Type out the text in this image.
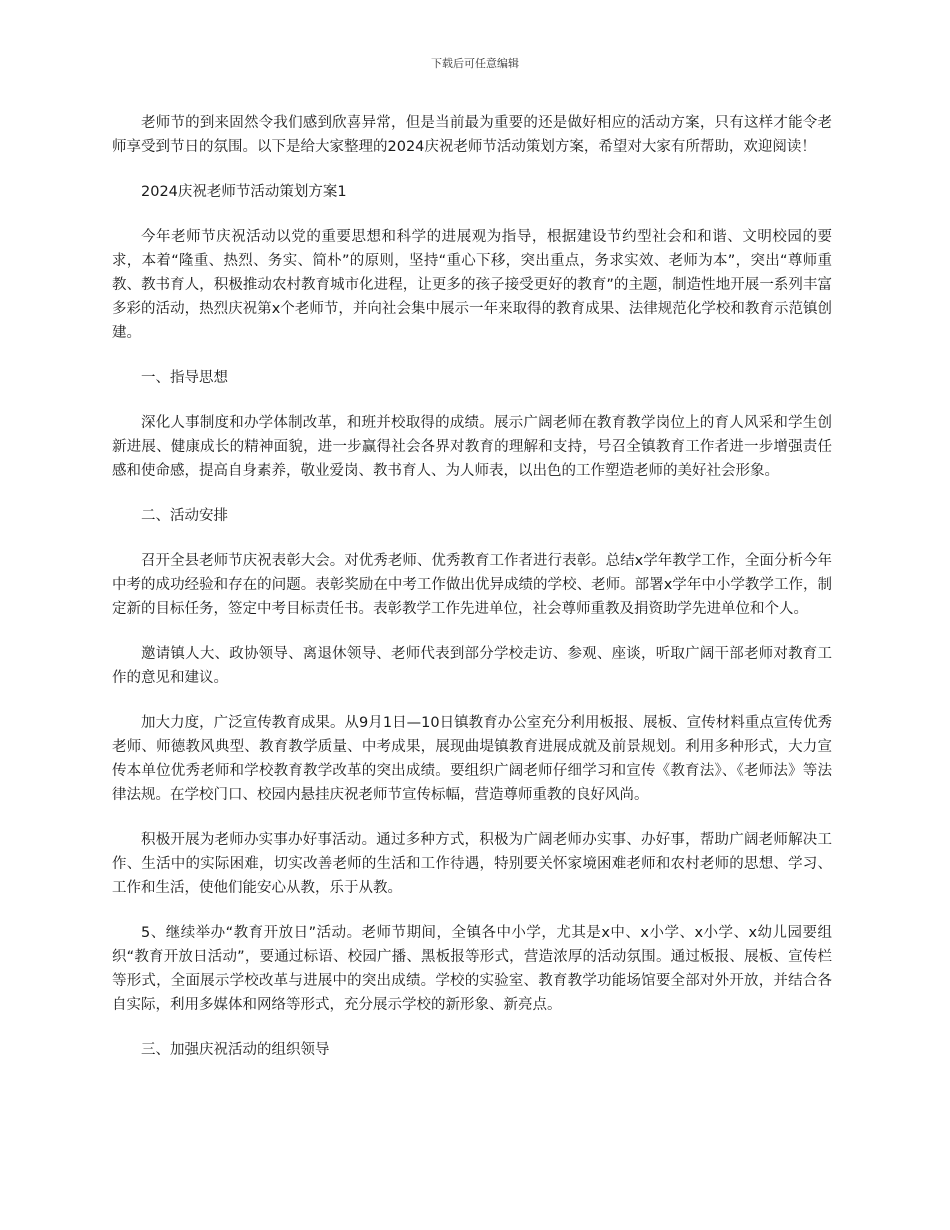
下载后可任意编辑

老师节的到来固然令我们感到欣喜异常，但是当前最为重要的还是做好相应的活动方案，只有这样才能令老师享受到节日的氛围。以下是给大家整理的2024庆祝老师节活动策划方案，希望对大家有所帮助，欢迎阅读！

2024庆祝老师节活动策划方案1

今年老师节庆祝活动以党的重要思想和科学的进展观为指导，根据建设节约型社会和和谐、文明校园的要求，本着“隆重、热烈、务实、简朴”的原则，坚持“重心下移，突出重点，务求实效、老师为本”，突出“尊师重教、教书育人，积极推动农村教育城市化进程，让更多的孩子接受更好的教育”的主题，制造性地开展一系列丰富多彩的活动，热烈庆祝第x个老师节，并向社会集中展示一年来取得的教育成果、法律规范化学校和教育示范镇创建。

一、指导思想

深化人事制度和办学体制改革，和班并校取得的成绩。展示广阔老师在教育教学岗位上的育人风采和学生创新进展、健康成长的精神面貌，进一步赢得社会各界对教育的理解和支持，号召全镇教育工作者进一步增强责任感和使命感，提高自身素养，敬业爱岗、教书育人、为人师表，以出色的工作塑造老师的美好社会形象。

二、活动安排

召开全县老师节庆祝表彰大会。对优秀老师、优秀教育工作者进行表彰。总结x学年教学工作，全面分析今年中考的成功经验和存在的问题。表彰奖励在中考工作做出优异成绩的学校、老师。部署x学年中小学教学工作，制定新的目标任务，签定中考目标责任书。表彰教学工作先进单位，社会尊师重教及捐资助学先进单位和个人。

邀请镇人大、政协领导、离退休领导、老师代表到部分学校走访、参观、座谈，听取广阔干部老师对教育工作的意见和建议。

加大力度，广泛宣传教育成果。从9月1日—10日镇教育办公室充分利用板报、展板、宣传材料重点宣传优秀老师、师德教风典型、教育教学质量、中考成果，展现曲堤镇教育进展成就及前景规划。利用多种形式，大力宣传本单位优秀老师和学校教育教学改革的突出成绩。要组织广阔老师仔细学习和宣传《教育法》、《老师法》等法律法规。在学校门口、校园内悬挂庆祝老师节宣传标幅，营造尊师重教的良好风尚。

积极开展为老师办实事办好事活动。通过多种方式，积极为广阔老师办实事、办好事，帮助广阔老师解决工作、生活中的实际困难，切实改善老师的生活和工作待遇，特别要关怀家境困难老师和农村老师的思想、学习、工作和生活，使他们能安心从教，乐于从教。

5、继续举办“教育开放日”活动。老师节期间，全镇各中小学，尤其是x中、x小学、x小学、x幼儿园要组织“教育开放日活动”，要通过标语、校园广播、黑板报等形式，营造浓厚的活动氛围。通过板报、展板、宣传栏等形式，全面展示学校改革与进展中的突出成绩。学校的实验室、教育教学功能场馆要全部对外开放，并结合各自实际，利用多媒体和网络等形式，充分展示学校的新形象、新亮点。

三、加强庆祝活动的组织领导
